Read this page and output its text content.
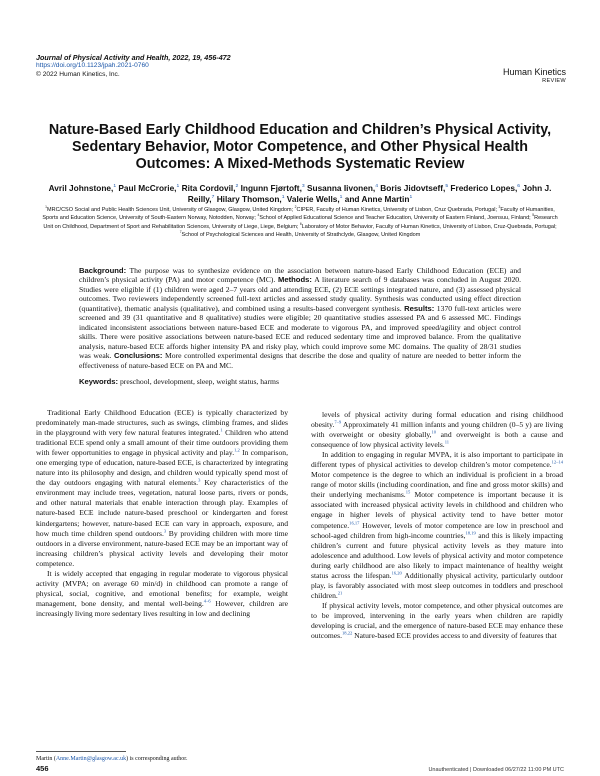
Journal of Physical Activity and Health, 2022, 19, 456-472
https://doi.org/10.1123/jpah.2021-0760
© 2022 Human Kinetics, Inc.	Human Kinetics
REVIEW
Nature-Based Early Childhood Education and Children’s Physical Activity, Sedentary Behavior, Motor Competence, and Other Physical Health Outcomes: A Mixed-Methods Systematic Review
Avril Johnstone,$^1$ Paul McCrorie,$^1$ Rita Cordovil,$^2$ Ingunn Fjørtoft,$^3$ Susanna Iivonen,$^4$ Boris Jidovtseff,$^5$ Frederico Lopes,$^6$ John J. Reilly,$^7$ Hilary Thomson,$^1$ Valerie Wells,$^1$ and Anne Martin$^1$
$^1$MRC/CSO Social and Public Health Sciences Unit, University of Glasgow, Glasgow, United Kingdom; $^2$CIPER, Faculty of Human Kinetics, University of Lisbon, Cruz Quebrada, Portugal; $^3$Faculty of Humanities, Sports and Education Science, University of South-Eastern Norway, Notodden, Norway; $^4$School of Applied Educational Science and Teacher Education, University of Eastern Finland, Joensuu, Finland; $^5$Research Unit on Childhood, Department of Sport and Rehabilitation Sciences, University of Liege, Liege, Belgium; $^6$Laboratory of Motor Behavior, Faculty of Human Kinetics, University of Lisbon, Cruz-Quebrada, Portugal; $^7$School of Psychological Sciences and Health, University of Strathclyde, Glasgow, United Kingdom
Background: The purpose was to synthesize evidence on the association between nature-based Early Childhood Education (ECE) and children’s physical activity (PA) and motor competence (MC). Methods: A literature search of 9 databases was concluded in August 2020. Studies were eligible if (1) children were aged 2–7 years old and attending ECE, (2) ECE settings integrated nature, and (3) assessed physical outcomes. Two reviewers independently screened full-text articles and assessed study quality. Synthesis was conducted using effect direction (quantitative), thematic analysis (qualitative), and combined using a results-based convergent synthesis. Results: 1370 full-text articles were screened and 39 (31 quantitative and 8 qualitative) studies were eligible; 20 quantitative studies assessed PA and 6 assessed MC. Findings indicated inconsistent associations between nature-based ECE and moderate to vigorous PA, and improved speed/agility and object control skills. There were positive associations between nature-based ECE and reduced sedentary time and improved balance. From the qualitative analysis, nature-based ECE affords higher intensity PA and risky play, which could improve some MC domains. The quality of 28/31 studies was weak. Conclusions: More controlled experimental designs that describe the dose and quality of nature are needed to better inform the effectiveness of nature-based ECE on PA and MC.
Keywords: preschool, development, sleep, weight status, harms

Traditional Early Childhood Education (ECE) is typically characterized by predominately man-made structures, such as swings, climbing frames, and slides in the playground with very few natural features integrated.$^1$ Children who attend traditional ECE spend only a small amount of their time outdoors providing them with fewer opportunities to engage in physical activity and play.$^{1,2}$ In comparison, one emerging type of education, nature-based ECE, is characterized by integrating nature into its philosophy and design, and children would typically spend most of the day outdoors engaging with natural elements.$^3$ Key characteristics of the environment may include trees, vegetation, natural loose parts, rivers or ponds, and other natural materials that enable interaction through play. Examples of nature-based ECE include nature-based preschool or kindergarten and forest kindergartens; however, nature-based ECE can vary in approach, exposure, and how much time children spend outdoors.$^3$ By providing children with more time outdoors in a diverse environment, nature-based ECE may be an important way of increasing children’s physical activity levels and developing their motor competence.

It is widely accepted that engaging in regular moderate to vigorous physical activity (MVPA; on average 60 min/d) in childhood can promote a range of physical, social, cognitive, and emotional benefits; for example, weight management, bone density, and mental well-being.$^{4-6}$ However, children are increasingly living more sedentary lives resulting in low and declining

levels of physical activity during formal education and rising childhood obesity.$^{7-9}$ Approximately 41 million infants and young children (0–5 y) are living with overweight or obesity globally,$^{10}$ and overweight is both a cause and consequence of low physical activity levels.$^{11}$

In addition to engaging in regular MVPA, it is also important to participate in different types of physical activities to develop children’s motor competence.$^{12-14}$ Motor competence is the degree to which an individual is proficient in a broad range of motor skills (including coordination, and fine and gross motor skills) and their underlying mechanisms.$^{15}$ Motor competence is important because it is associated with increased physical activity levels in childhood and children who engage in higher levels of physical activity tend to have better motor competence.$^{16,17}$ However, levels of motor competence are low in preschool and school-aged children from high-income countries,$^{18,19}$ and this is likely impacting children’s current and future physical activity levels as they mature into adolescence and adulthood. Low levels of physical activity and motor competence during early childhood are also likely to impact maintenance of healthy weight status across the lifespan.$^{16,20}$ Additionally physical activity, particularly outdoor play, is favorably associated with most sleep outcomes in toddlers and preschool children.$^{21}$

If physical activity levels, motor competence, and other physical outcomes are to be improved, intervening in the early years when children are rapidly developing is crucial, and the emergence of nature-based ECE may enhance these outcomes.$^{18,22}$ Nature-based ECE provides access to and diversity of features that

Martin (Anne.Martin@glasgow.ac.uk) is corresponding author.
456	Unauthenticated | Downloaded 06/27/22 11:00 PM UTC
